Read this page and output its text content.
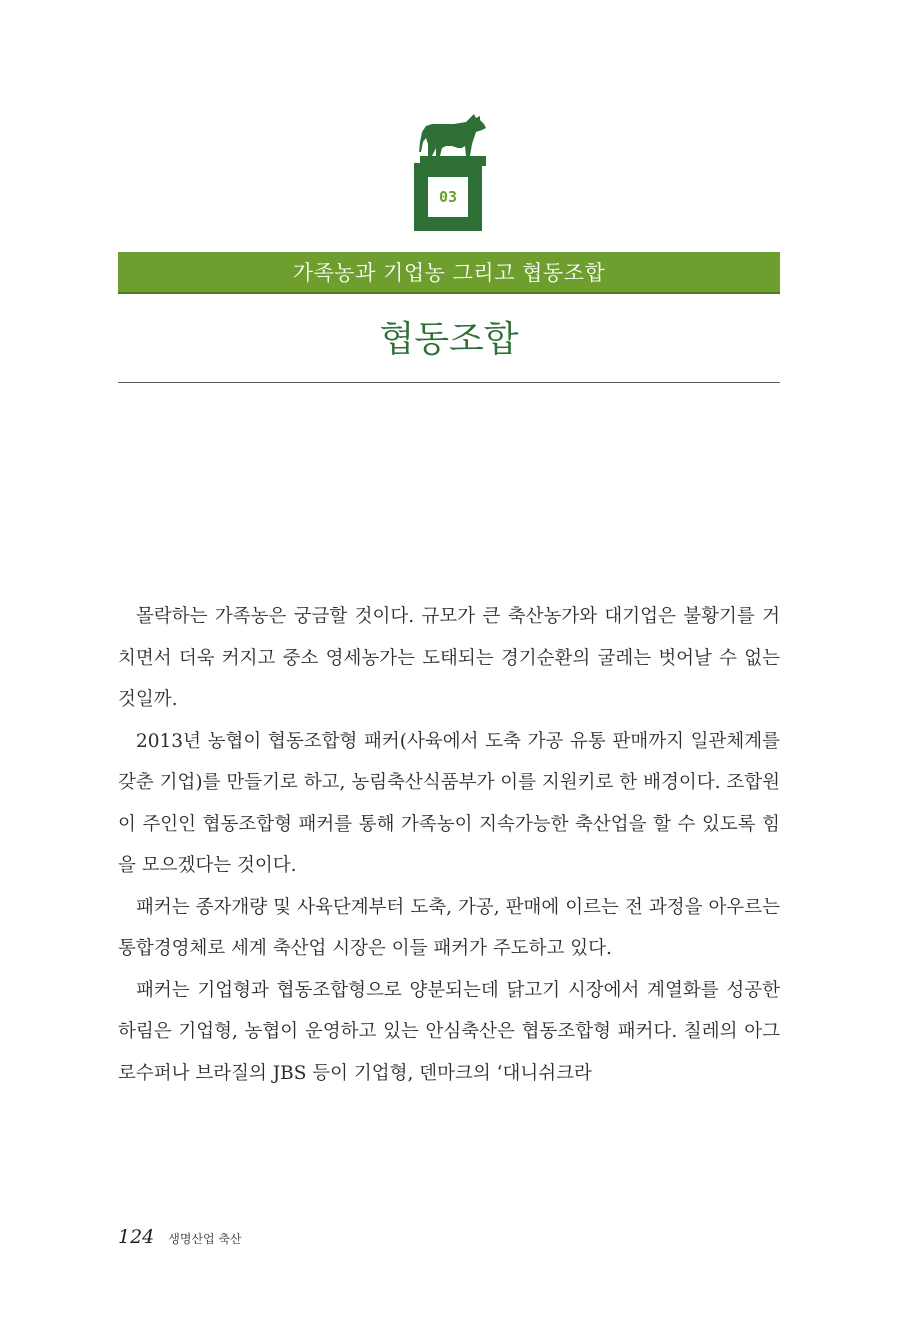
03
가족농과 기업농 그리고 협동조합
협동조합

몰락하는 가족농은 궁금할 것이다. 규모가 큰 축산농가와 대기업은 불황기를 거치면서 더욱 커지고 중소 영세농가는 도태되는 경기순환의 굴레는 벗어날 수 없는 것일까.

2013년 농협이 협동조합형 패커(사육에서 도축 가공 유통 판매까지 일관체계를 갖춘 기업)를 만들기로 하고, 농림축산식품부가 이를 지원키로 한 배경이다. 조합원이 주인인 협동조합형 패커를 통해 가족농이 지속가능한 축산업을 할 수 있도록 힘을 모으겠다는 것이다.

패커는 종자개량 및 사육단계부터 도축, 가공, 판매에 이르는 전 과정을 아우르는 통합경영체로 세계 축산업 시장은 이들 패커가 주도하고 있다.

패커는 기업형과 협동조합형으로 양분되는데 닭고기 시장에서 계열화를 성공한 하림은 기업형, 농협이 운영하고 있는 안심축산은 협동조합형 패커다. 칠레의 아그로수퍼나 브라질의 JBS 등이 기업형, 덴마크의 ‘대니쉬크라

124 생명산업 축산
